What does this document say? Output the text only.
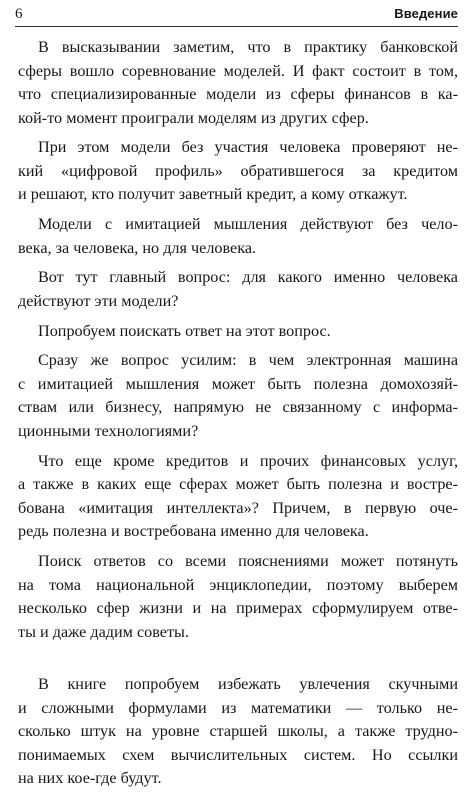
6	Введение
В высказывании заметим, что в практику банковской
сферы вошло соревнование моделей. И факт состоит в том,
что специализированные модели из сферы финансов в ка-
кой-то момент проиграли моделям из других сфер.
При этом модели без участия человека проверяют не-
кий «цифровой профиль» обратившегося за кредитом
и решают, кто получит заветный кредит, а кому откажут.
Модели с имитацией мышления действуют без чело-
века, за человека, но для человека.
Вот тут главный вопрос: для какого именно человека
действуют эти модели?
Попробуем поискать ответ на этот вопрос.
Сразу же вопрос усилим: в чем электронная машина
с имитацией мышления может быть полезна домохозяй-
ствам или бизнесу, напрямую не связанному с информа-
ционными технологиями?
Что еще кроме кредитов и прочих финансовых услуг,
а также в каких еще сферах может быть полезна и востре-
бована «имитация интеллекта»? Причем, в первую оче-
редь полезна и востребована именно для человека.
Поиск ответов со всеми пояснениями может потянуть
на тома национальной энциклопедии, поэтому выберем
несколько сфер жизни и на примерах сформулируем отве-
ты и даже дадим советы.
В книге попробуем избежать увлечения скучными
и сложными формулами из математики — только не-
сколько штук на уровне старшей школы, а также трудно-
понимаемых схем вычислительных систем. Но ссылки
на них кое-где будут.
